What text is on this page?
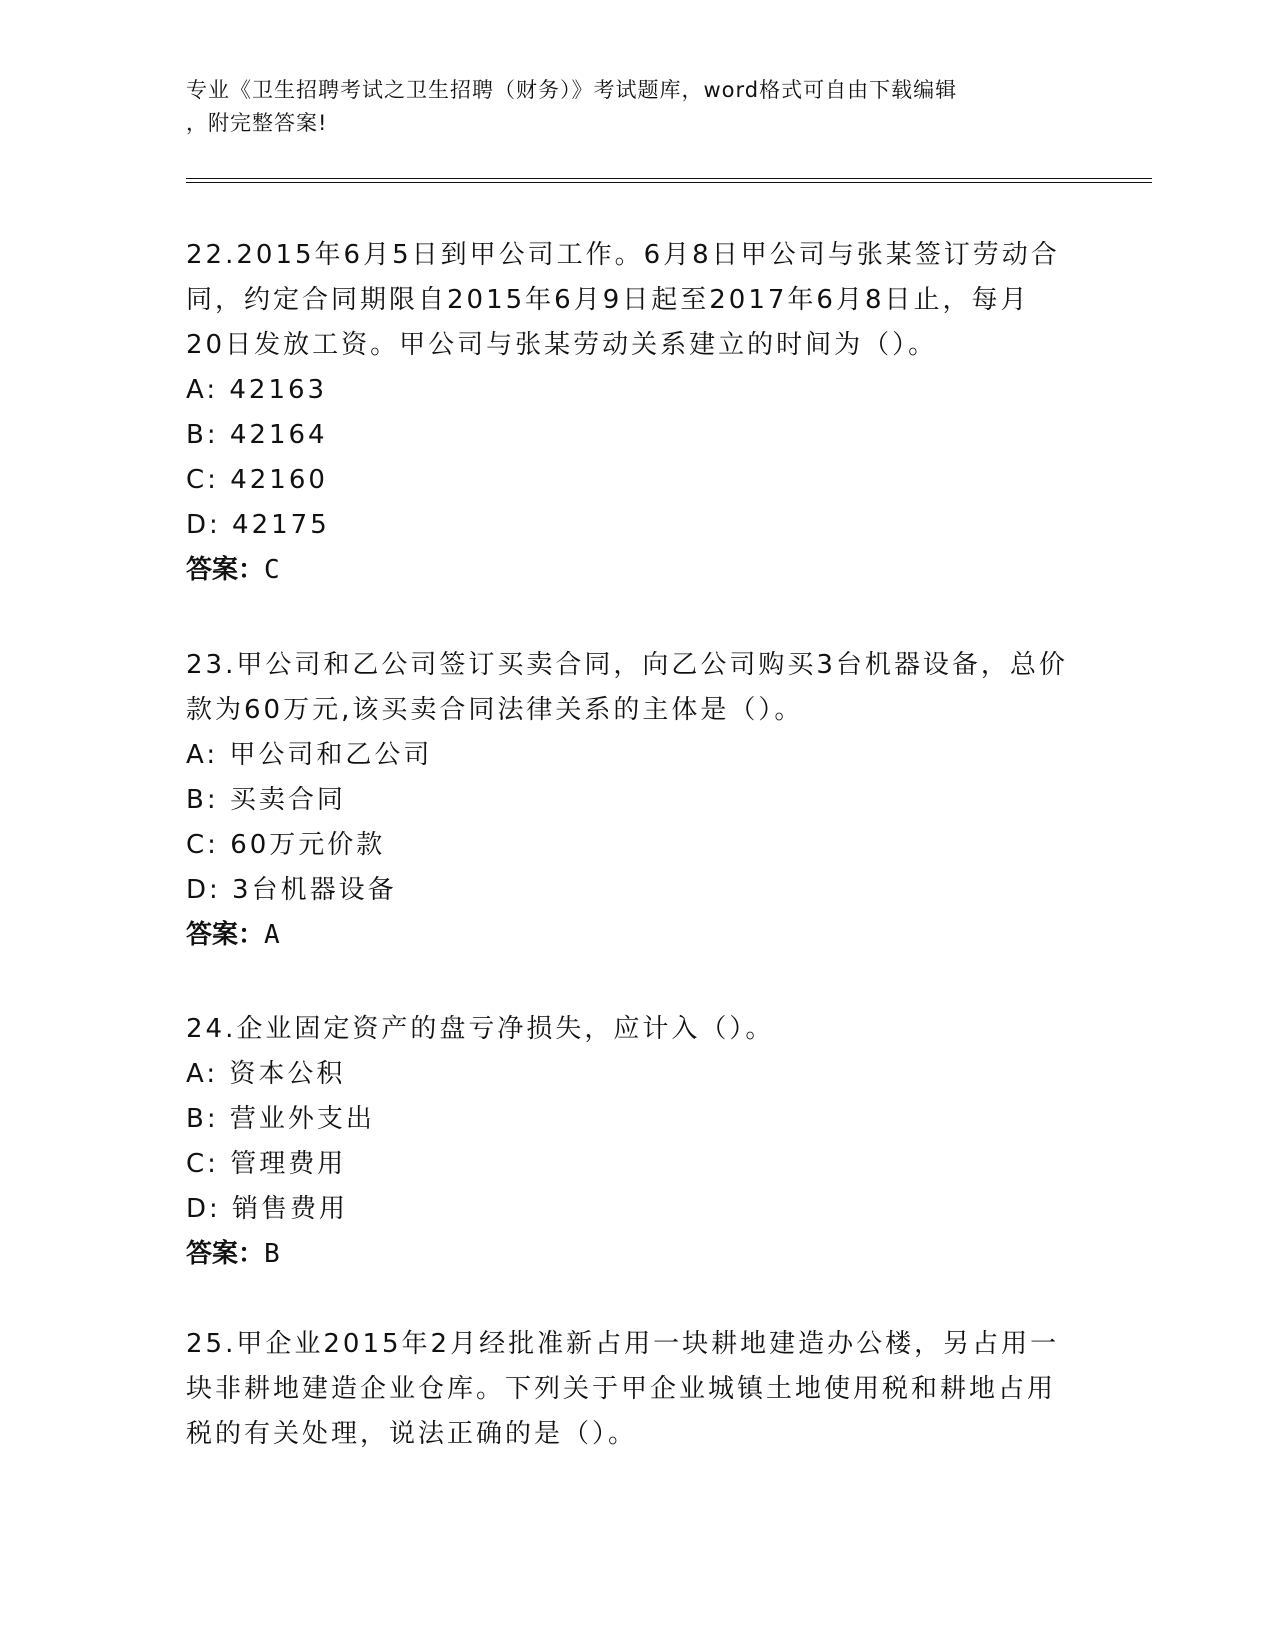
专业《卫生招聘考试之卫生招聘（财务）》考试题库，word格式可自由下载编辑
，附完整答案!

22.2015年6月5日到甲公司工作。6月8日甲公司与张某签订劳动合

同，约定合同期限自2015年6月9日起至2017年6月8日止，每月

20日发放工资。甲公司与张某劳动关系建立的时间为（）。

A: 42163

B: 42164

C: 42160

D: 42175

答案：C

23.甲公司和乙公司签订买卖合同，向乙公司购买3台机器设备，总价

款为60万元,该买卖合同法律关系的主体是（）。

A: 甲公司和乙公司

B: 买卖合同

C: 60万元价款

D: 3台机器设备

答案：A

24.企业固定资产的盘亏净损失，应计入（）。

A: 资本公积

B: 营业外支出

C: 管理费用

D: 销售费用

答案：B

25.甲企业2015年2月经批准新占用一块耕地建造办公楼，另占用一

块非耕地建造企业仓库。下列关于甲企业城镇土地使用税和耕地占用

税的有关处理，说法正确的是（）。
